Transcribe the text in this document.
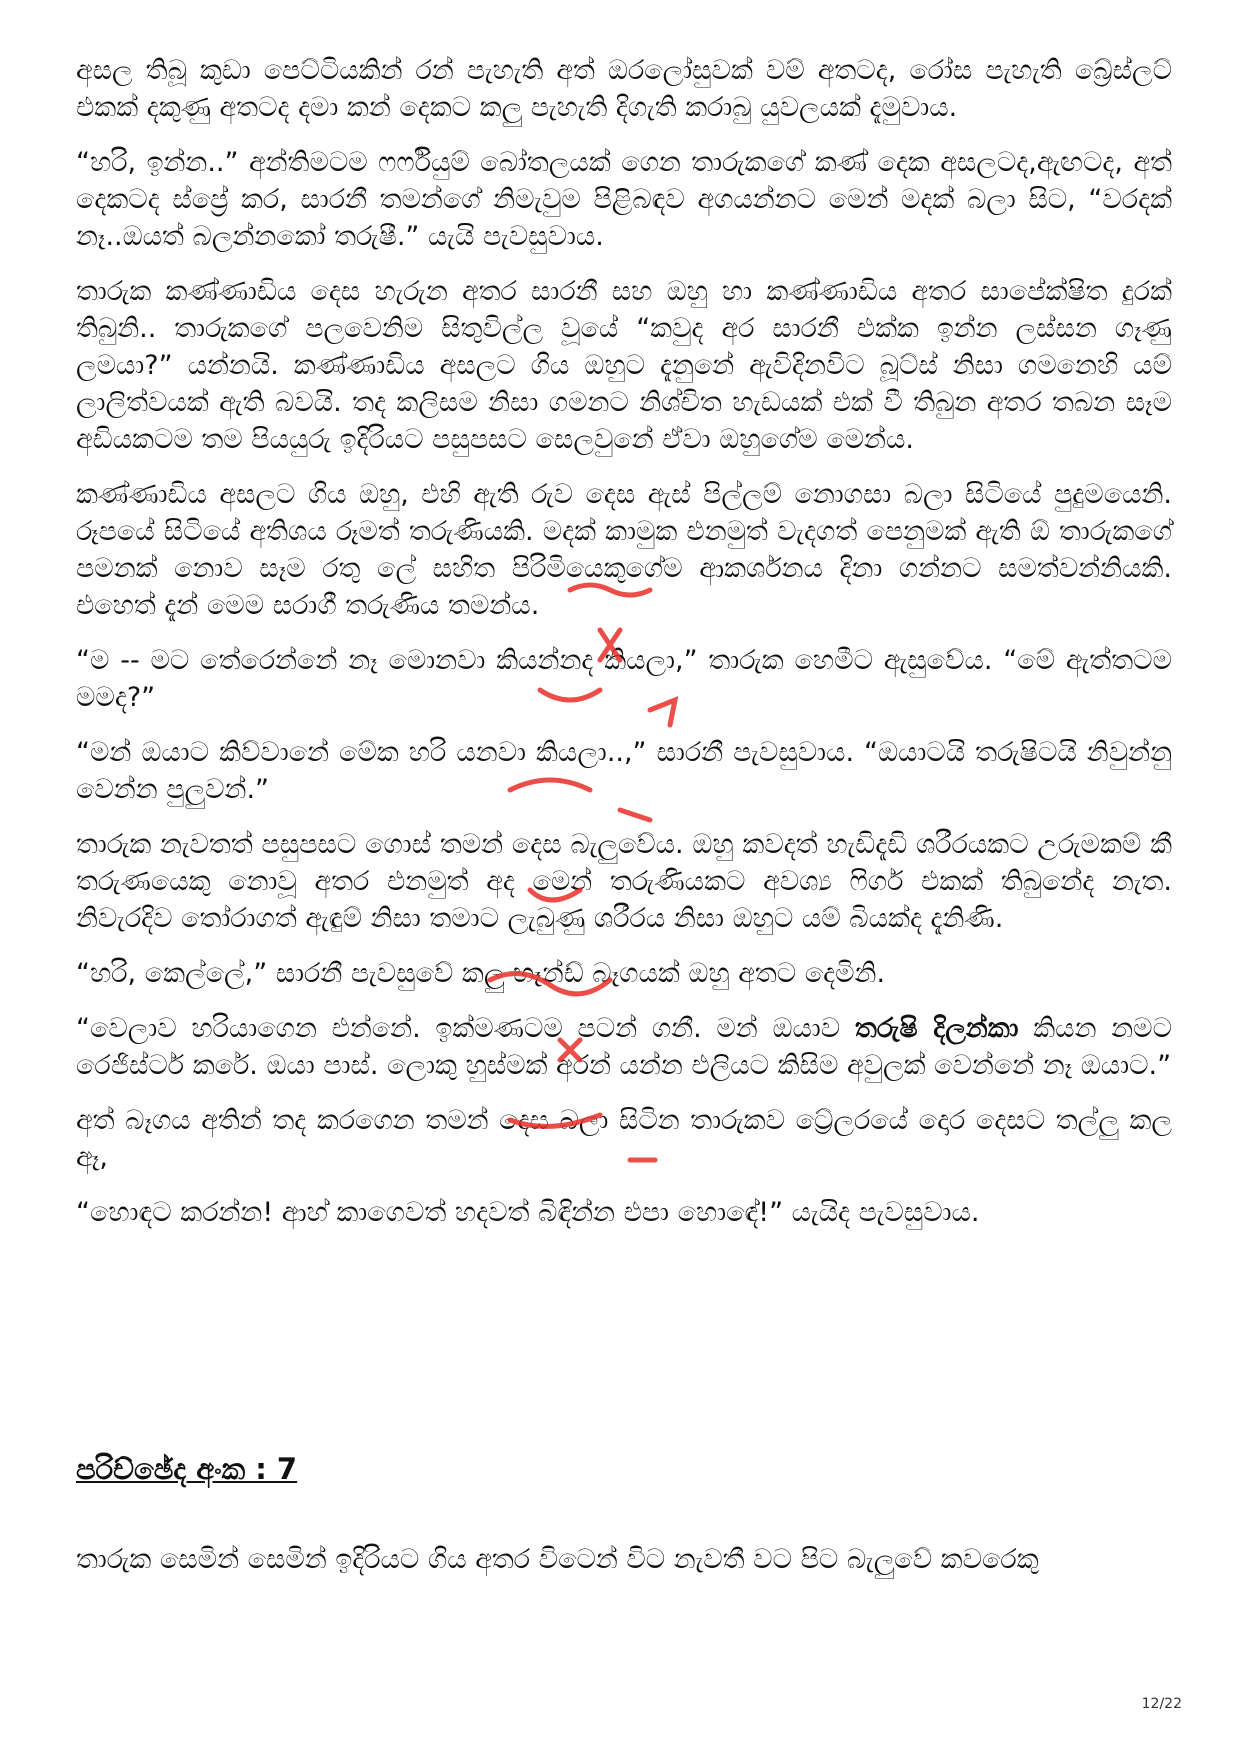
අසල තිබූ කුඩා පෙට්ටියකින් රන් පැහැති අත් ඔරලෝසුවක් වම් අතටද, රෝස පැහැති බ්‍රේස්ලට් එකක් දකුණු අතටද දමා කන් දෙකට කලු පැහැති දිගැති කරාබු යුවලයක් දැමුවාය.

“හරි, ඉන්න..” අන්තිමටම ෆර්ෆියුම් බෝතලයක් ගෙන තාරුකගේ කණ් දෙක අසලටද,ඇඟටද, අත් දෙකටද ස්ප්‍රේ කර, සාරනී තමන්ගේ නිමැවුම පිළිබඳව අගයන්නට මෙන් මදක් බලා සිට, “වරදක් නෑ..ඔයත් බලන්නකෝ තරුෂී.” යැයි පැවසුවාය.

තාරුක කණ්ණාඩිය දෙස හැරුන අතර සාරනී සහ ඔහු හා කණ්ණාඩිය අතර සාපේක්ෂිත දුරක් තිබුනි.. තාරුකගේ පලවෙනිම සිතුවිල්ල වූයේ “කවුද අර සාරනී එක්ක ඉන්න ලස්සන ගෑණු ලමයා?” යන්නයි. කණ්ණාඩිය අසලට ගිය ඔහුට දැනුනේ ඇවිදිනවිට බූට්ස් නිසා ගමනෙහි යම් ලාලිත්වයක් ඇති බවයි. තද කලිසම නිසා ගමනට නිශ්චිත හැඩයක් එක් වී තිබුන අතර තබන සෑම අඩියකටම තම පියයුරු ඉදිරියට පසුපසට සෙලවුනේ ඒවා ඔහුගේම මෙන්ය.

කණ්ණාඩිය අසලට ගිය ඔහු, එහි ඇති රුව දෙස ඇස් පිල්ලම් නොගසා බලා සිටියේ පුදුමයෙනි. රූපයේ සිටියේ අතිශය රූමත් තරුණියකි. මදක් කාමුක එනමුත් වැදගත් පෙනුමක් ඇති ඕ තාරුකගේ පමනක් නොව සෑම රතු ලේ සහිත පිරිමියෙකුගේම ආකර්ශනය දිනා ගන්නට සමත්වන්නියකි. එහෙත් දැන් මෙම සරාගී තරුණිය තමන්ය.

“ම -- මට තේරෙන්නේ නෑ මොනවා කියන්නද කියලා,” තාරුක හෙමීට ඇසුවේය. “මේ ඇත්තටම මමද?”

“මන් ඔයාට කිව්වානේ මේක හරි යනවා කියලා..,” සාරනී පැවසුවාය. “ඔයාටයි තරුෂිටයි නිවුන්නු වෙන්න පුලුවන්.”

තාරුක නැවතත් පසුපසට ගොස් තමන් දෙස බැලුවේය. ඔහු කවදත් හැඩිදැඩි ශරීරයකට උරුමකම් කී තරුණයෙකු නොවූ අතර එනමුත් අද මෙන් තරුණියකට අවශ්‍ය ෆිගර් එකක් තිබුනේද නැත. නිවැරදිව තෝරාගත් ඇඳුම් නිසා තමාට ලැබුණු ශරීරය නිසා ඔහුට යම් බියක්ද දැනිණි.

“හරි, කෙල්ලේ,” සාරනී පැවසුවේ කලු හෑන්ඩ් බෑගයක් ඔහු අතට දෙමිනි.

“වෙලාව හරියාගෙන එන්නේ. ඉක්මණටම පටන් ගනී. මන් ඔයාව තරුෂි දිලන්කා කියන නමට රෙජිස්ටර් කරේ. ඔයා පාස්. ලොකු හුස්මක් අරන් යන්න එලියට කිසිම අවුලක් වෙන්නේ නෑ ඔයාට.”

අත් බෑගය අතින් තද කරගෙන තමන් දෙස බලා සිටින තාරුකව ට්‍රේලරයේ දොර දෙසට තල්ලු කල ඈ,

“හොඳට කරන්න! ආහ් කාගෙවත් හදවත් බිඳින්න එපා හොඳේ!” යැයිද පැවසුවාය.

පරිච්ඡේද අංක : 7

තාරුක සෙමින් සෙමින් ඉදිරියට ගිය අතර විටෙන් විට නැවතී වට පිට බැලුවේ කවරෙකු

12/22
